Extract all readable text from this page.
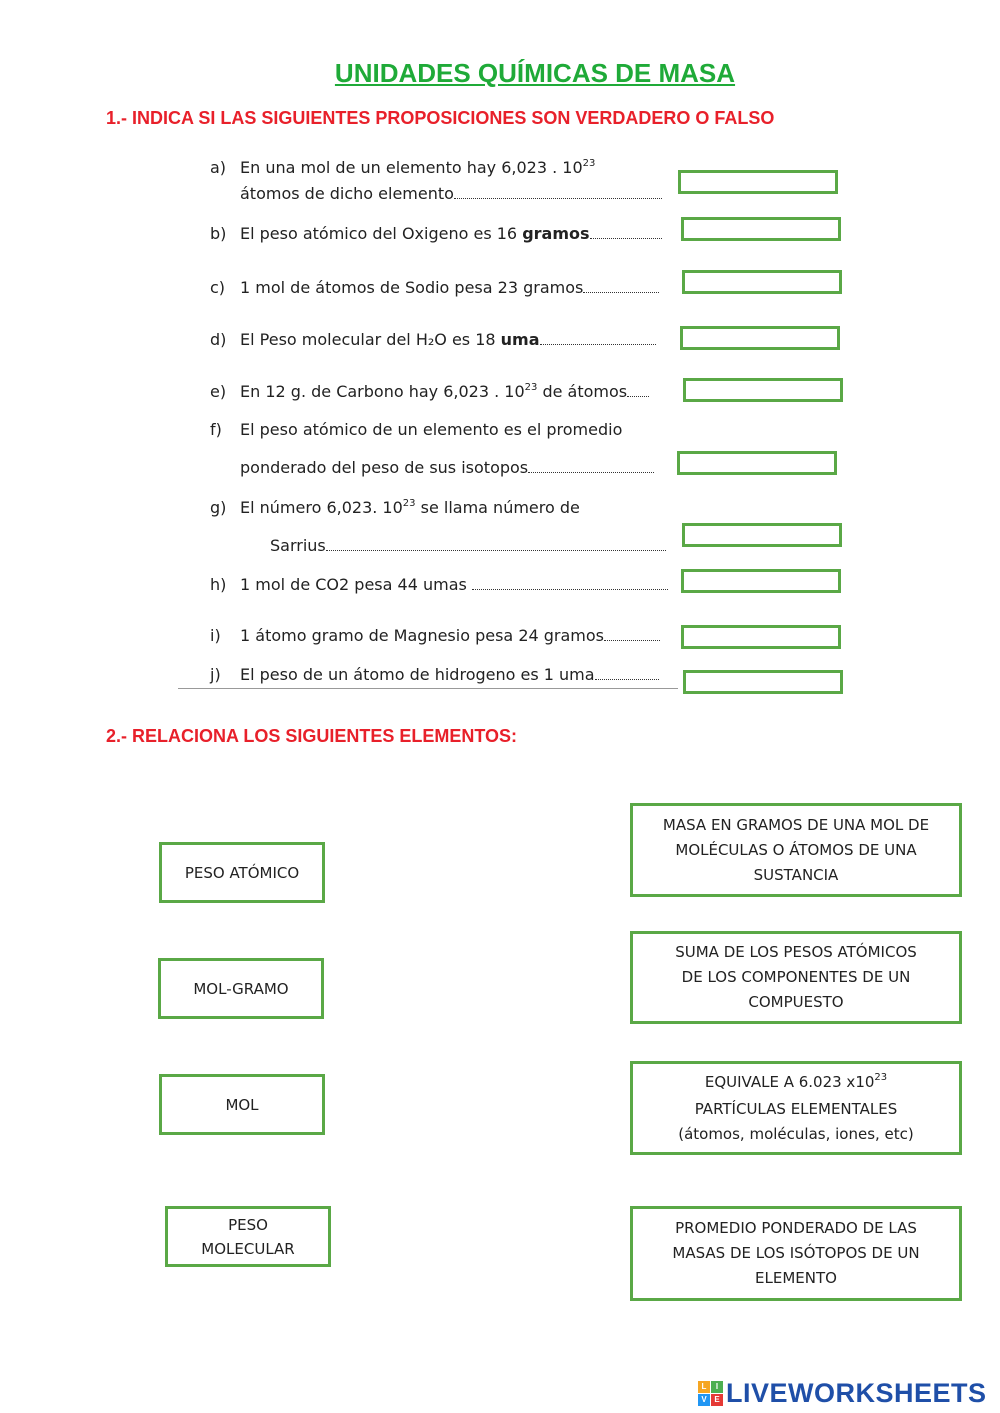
UNIDADES QUÍMICAS DE MASA
1.- INDICA SI LAS SIGUIENTES PROPOSICIONES SON VERDADERO O FALSO
a) En una mol de un elemento hay 6,023 . $10^{23}$
átomos de dicho elemento
b) El peso atómico del Oxigeno es 16 gramos
c) 1 mol de átomos de Sodio pesa 23 gramos
d) El Peso molecular del H₂O es 18 uma
e) En 12 g. de Carbono hay 6,023 . $10^{23}$ de átomos
f) El peso atómico de un elemento es el promedio
ponderado del peso de sus isotopos
g) El número 6,023. $10^{23}$ se llama número de
Sarrius
h) 1 mol de CO2 pesa 44 umas
i) 1 átomo gramo de Magnesio pesa 24 gramos
j) El peso de un átomo de hidrogeno es 1 uma
2.- RELACIONA LOS SIGUIENTES ELEMENTOS:
PESO ATÓMICO
MOL-GRAMO
MOL
PESO MOLECULAR
MASA EN GRAMOS DE UNA MOL DE
MOLÉCULAS O ÁTOMOS DE UNA
SUSTANCIA
SUMA DE LOS PESOS ATÓMICOS
DE LOS COMPONENTES DE UN
COMPUESTO
EQUIVALE A 6.023 $x10^{23}$
PARTÍCULAS ELEMENTALES
(átomos, moléculas, iones, etc)
PROMEDIO PONDERADO DE LAS
MASAS DE LOS ISÓTOPOS DE UN
ELEMENTO
L	I
V E LIVEWORKSHEETS
